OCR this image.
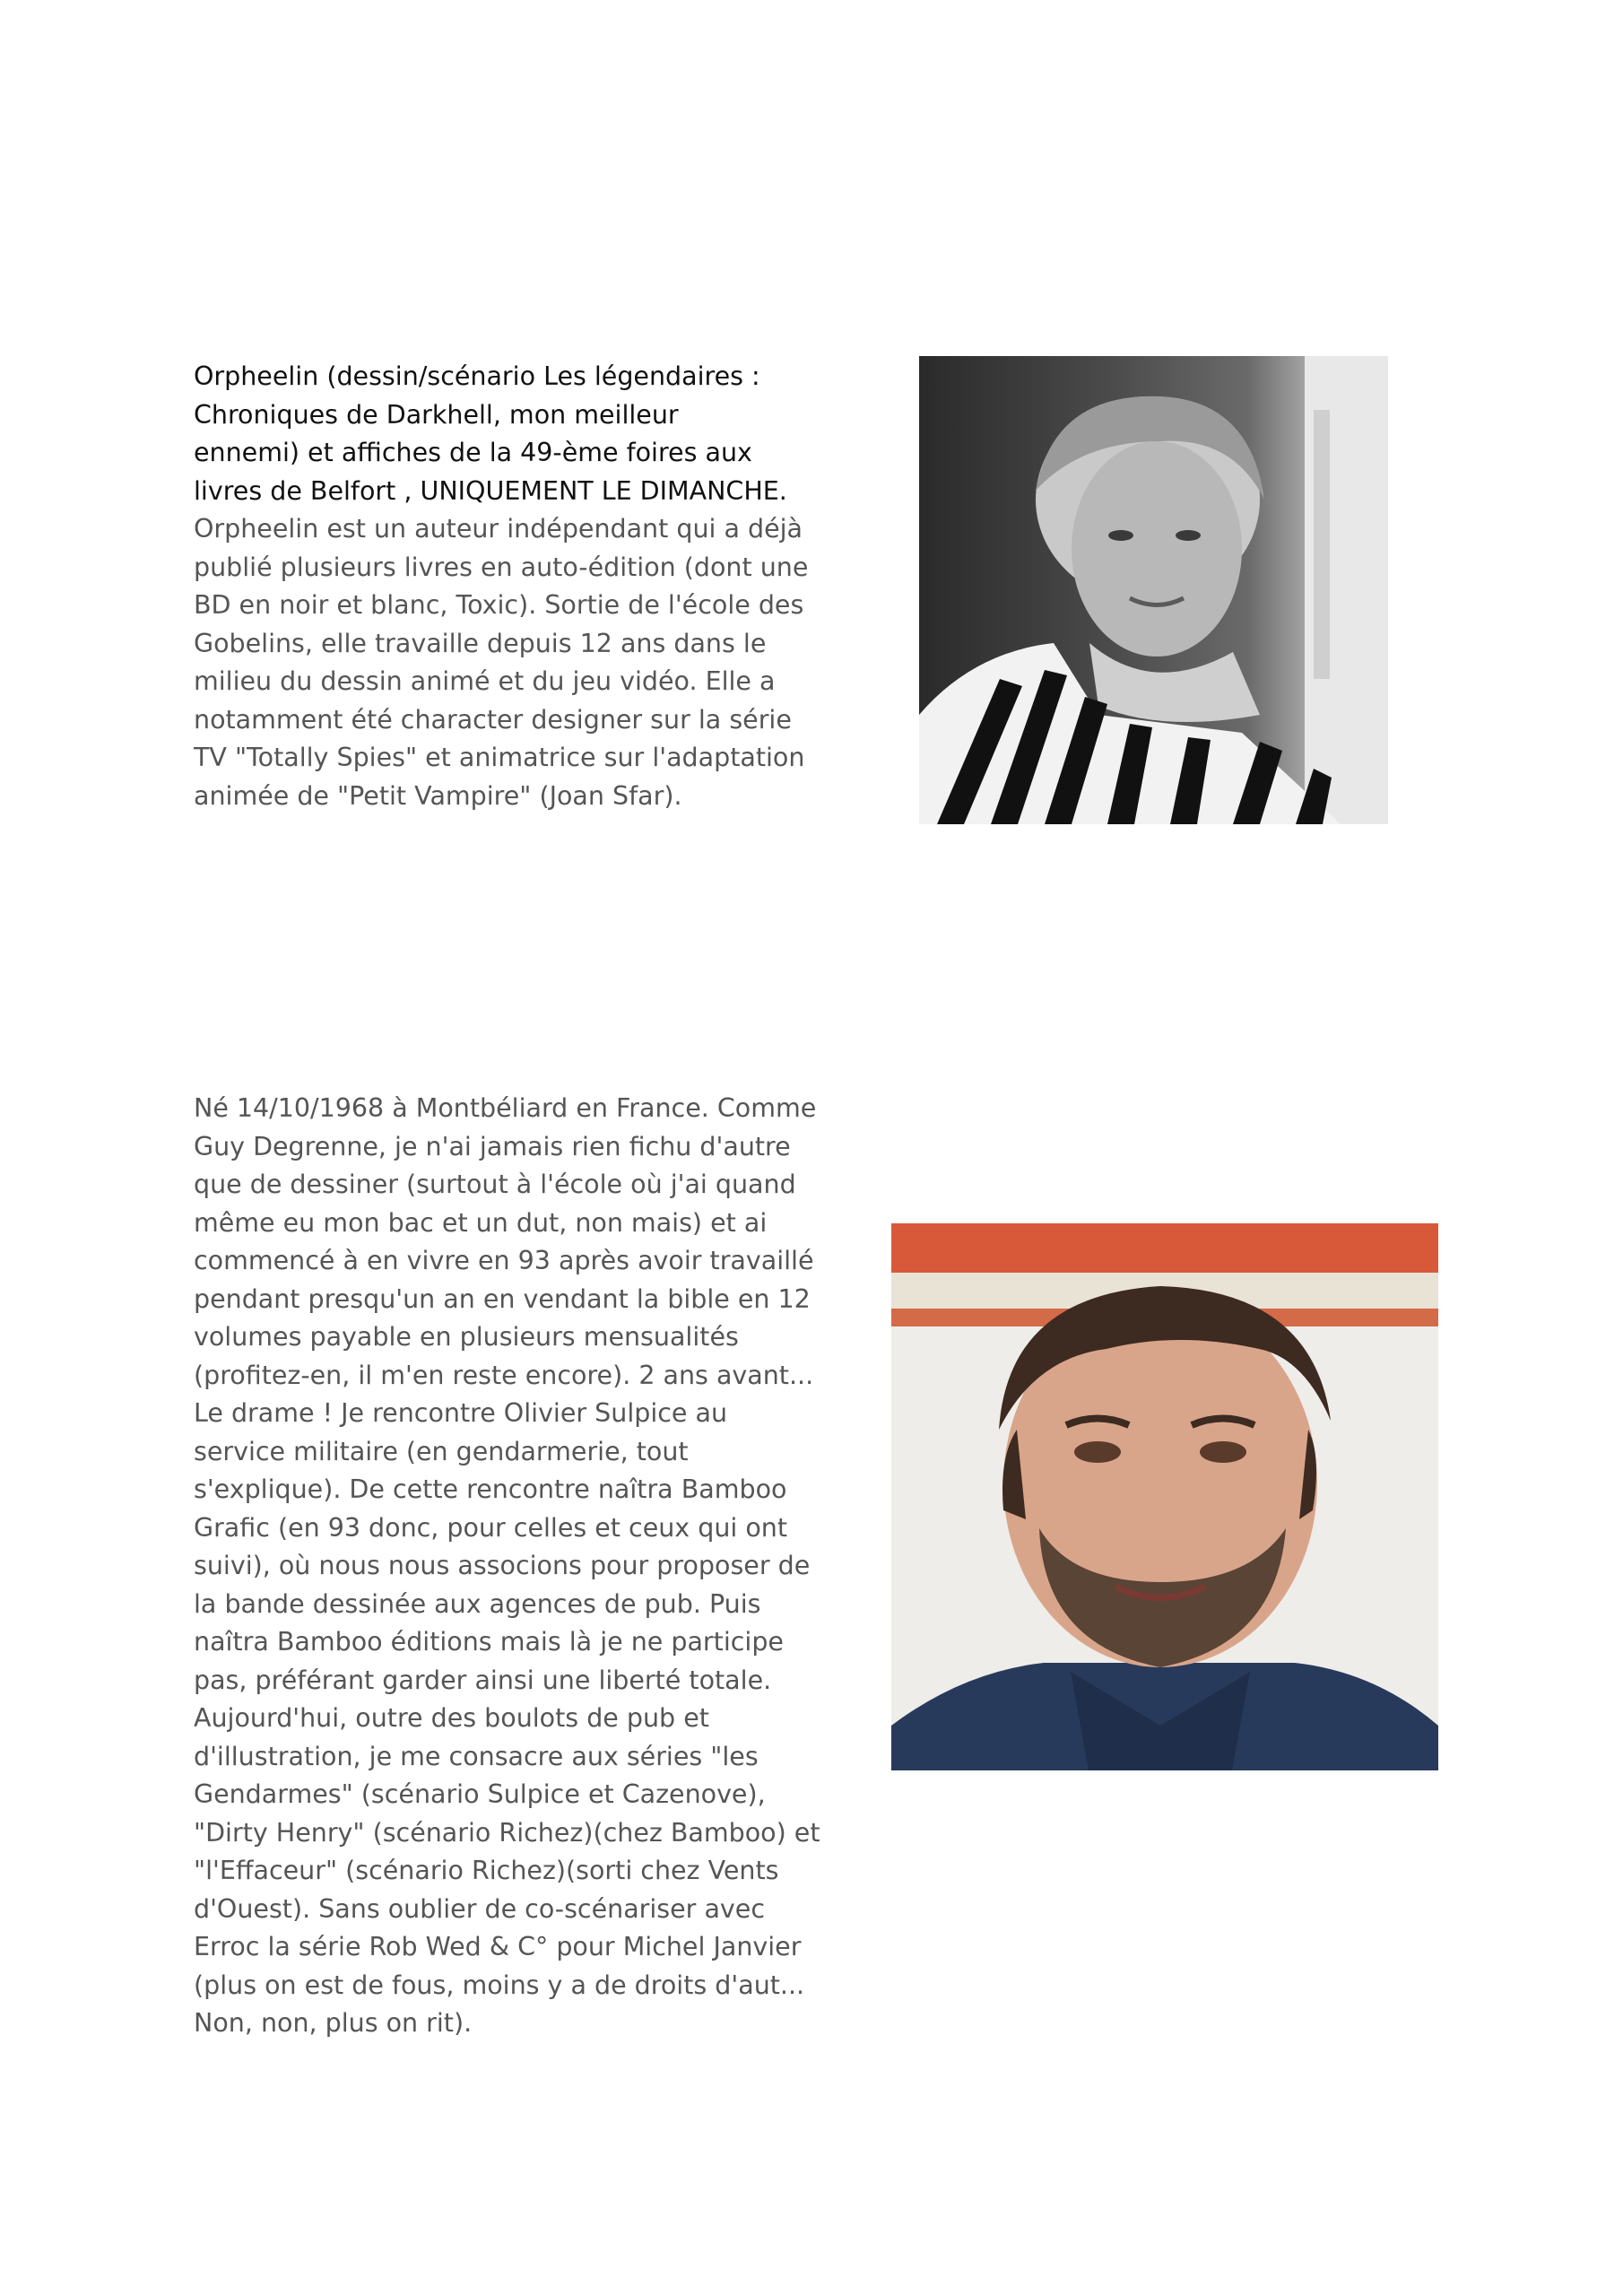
Orpheelin (dessin/scénario Les légendaires :
Chroniques de Darkhell, mon meilleur
ennemi) et affiches de la 49-ème foires aux
livres de Belfort , UNIQUEMENT LE DIMANCHE.
Orpheelin est un auteur indépendant qui a déjà
publié plusieurs livres en auto-édition (dont une
BD en noir et blanc, Toxic). Sortie de l'école des
Gobelins, elle travaille depuis 12 ans dans le
milieu du dessin animé et du jeu vidéo. Elle a
notamment été character designer sur la série
TV "Totally Spies" et animatrice sur l'adaptation
animée de "Petit Vampire" (Joan Sfar).
Né 14/10/1968 à Montbéliard en France. Comme
Guy Degrenne, je n'ai jamais rien fichu d'autre
que de dessiner (surtout à l'école où j'ai quand
même eu mon bac et un dut, non mais) et ai
commencé à en vivre en 93 après avoir travaillé
pendant presqu'un an en vendant la bible en 12
volumes payable en plusieurs mensualités
(profitez-en, il m'en reste encore). 2 ans avant...
Le drame ! Je rencontre Olivier Sulpice au
service militaire (en gendarmerie, tout
s'explique). De cette rencontre naîtra Bamboo
Grafic (en 93 donc, pour celles et ceux qui ont
suivi), où nous nous associons pour proposer de
la bande dessinée aux agences de pub. Puis
naîtra Bamboo éditions mais là je ne participe
pas, préférant garder ainsi une liberté totale.
Aujourd'hui, outre des boulots de pub et
d'illustration, je me consacre aux séries "les
Gendarmes" (scénario Sulpice et Cazenove),
"Dirty Henry" (scénario Richez)(chez Bamboo) et
"l'Effaceur" (scénario Richez)(sorti chez Vents
d'Ouest). Sans oublier de co-scénariser avec
Erroc la série Rob Wed & C° pour Michel Janvier
(plus on est de fous, moins y a de droits d'aut...
Non, non, plus on rit).
